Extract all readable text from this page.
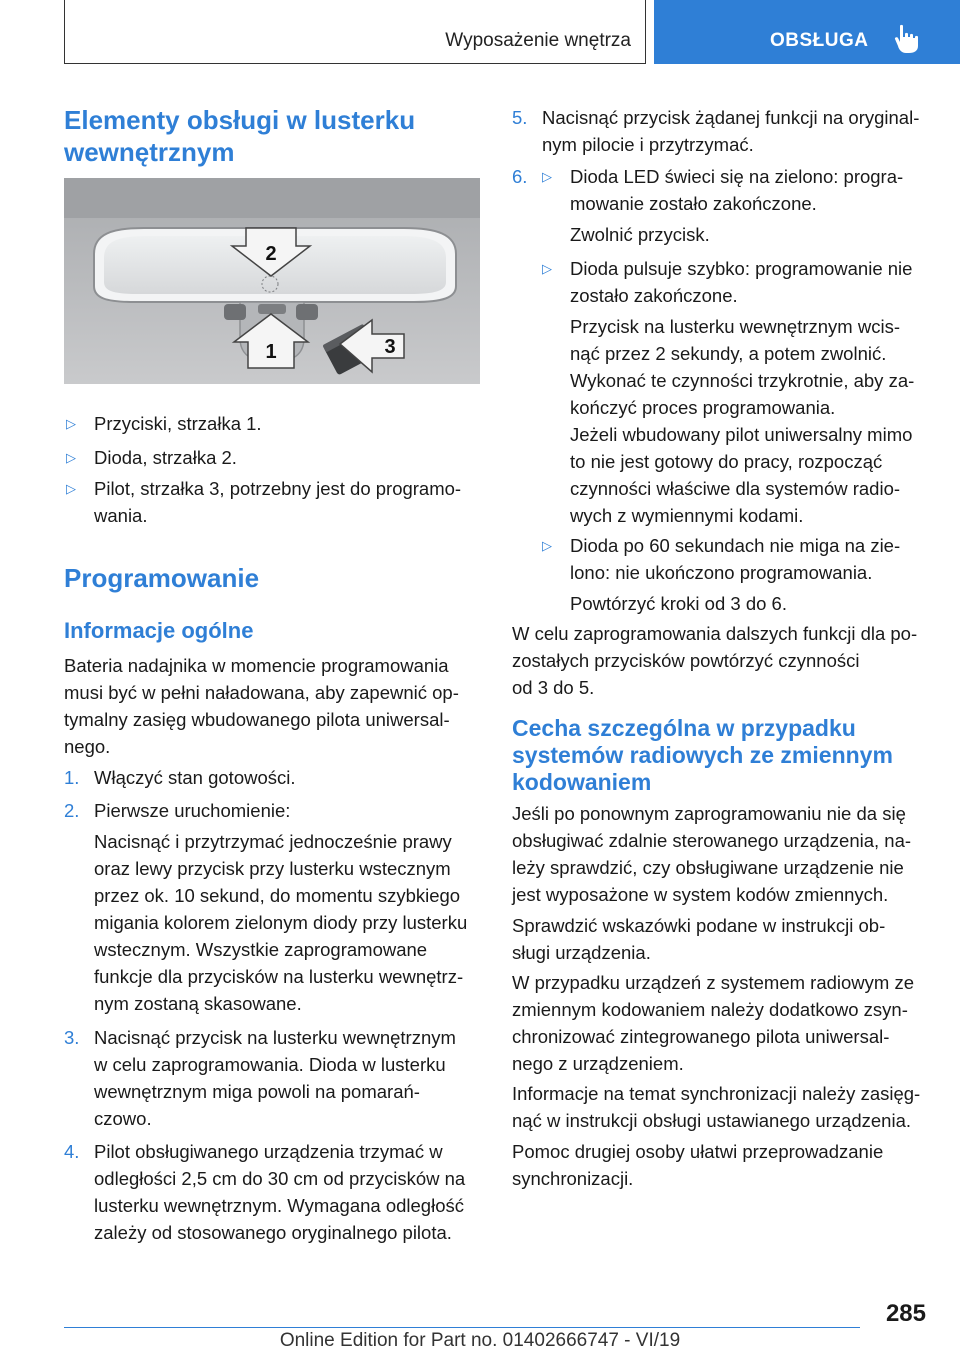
Wyposażenie wnętrza	OBSŁUGA
Elementy obsługi w lusterku wewnętrznym
2
1	3
▷ Przyciski, strzałka 1.
▷ Dioda, strzałka 2.
▷ Pilot, strzałka 3, potrzebny jest do programo-
wania.
Programowanie
Informacje ogólne
Bateria nadajnika w momencie programowania
musi być w pełni naładowana, aby zapewnić op-
tymalny zasięg wbudowanego pilota uniwersal-
nego.
1. Włączyć stan gotowości.
2. Pierwsze uruchomienie:
Nacisnąć i przytrzymać jednocześnie prawy
oraz lewy przycisk przy lusterku wstecznym
przez ok. 10 sekund, do momentu szybkiego
migania kolorem zielonym diody przy lusterku
wstecznym. Wszystkie zaprogramowane
funkcje dla przycisków na lusterku wewnętrz-
nym zostaną skasowane.
3. Nacisnąć przycisk na lusterku wewnętrznym
w celu zaprogramowania. Dioda w lusterku
wewnętrznym miga powoli na pomarań-
czowo.
4. Pilot obsługiwanego urządzenia trzymać w
odległości 2,5 cm do 30 cm od przycisków na
lusterku wewnętrznym. Wymagana odległość
zależy od stosowanego oryginalnego pilota.
5. Nacisnąć przycisk żądanej funkcji na oryginal-
nym pilocie i przytrzymać.
6. ▷ Dioda LED świeci się na zielono: progra-
mowanie zostało zakończone.
Zwolnić przycisk.
▷ Dioda pulsuje szybko: programowanie nie
zostało zakończone.
Przycisk na lusterku wewnętrznym wcis-
nąć przez 2 sekundy, a potem zwolnić.
Wykonać te czynności trzykrotnie, aby za-
kończyć proces programowania.
Jeżeli wbudowany pilot uniwersalny mimo
to nie jest gotowy do pracy, rozpocząć
czynności właściwe dla systemów radio-
wych z wymiennymi kodami.
▷ Dioda po 60 sekundach nie miga na zie-
lono: nie ukończono programowania.
Powtórzyć kroki od 3 do 6.
W celu zaprogramowania dalszych funkcji dla po-
zostałych przycisków powtórzyć czynności
od 3 do 5.
Cecha szczególna w przypadku
systemów radiowych ze zmiennym
kodowaniem
Jeśli po ponownym zaprogramowaniu nie da się
obsługiwać zdalnie sterowanego urządzenia, na-
leży sprawdzić, czy obsługiwane urządzenie nie
jest wyposażone w system kodów zmiennych.
Sprawdzić wskazówki podane w instrukcji ob-
sługi urządzenia.
W przypadku urządzeń z systemem radiowym ze
zmiennym kodowaniem należy dodatkowo zsyn-
chronizować zintegrowanego pilota uniwersal-
nego z urządzeniem.
Informacje na temat synchronizacji należy zasięg-
nąć w instrukcji obsługi ustawianego urządzenia.
Pomoc drugiej osoby ułatwi przeprowadzanie
synchronizacji.
285
Online Edition for Part no. 01402666747 - VI/19
